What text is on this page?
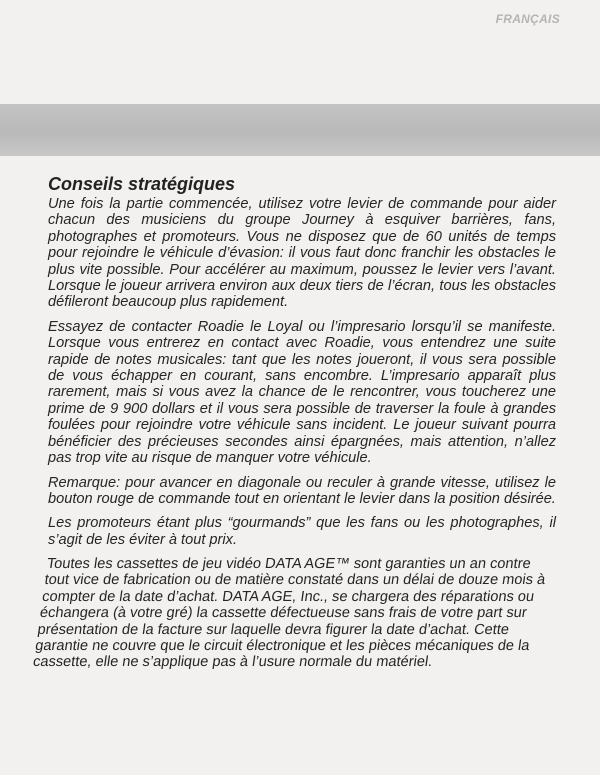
FRANÇAIS
Conseils stratégiques

Une fois la partie commencée, utilisez votre levier de commande pour aider chacun des musiciens du groupe Journey à esquiver barrières, fans, photographes et promoteurs. Vous ne disposez que de 60 unités de temps pour rejoindre le véhicule d’évasion: il vous faut donc franchir les obstacles le plus vite possible. Pour accélérer au maximum, poussez le levier vers l’avant. Lorsque le joueur arrivera environ aux deux tiers de l’écran, tous les obstacles défileront beaucoup plus rapidement.

Essayez de contacter Roadie le Loyal ou l’impresario lorsqu’il se manifeste. Lorsque vous entrerez en contact avec Roadie, vous entendrez une suite rapide de notes musicales: tant que les notes joueront, il vous sera possible de vous échapper en courant, sans encombre. L’impresario apparaît plus rarement, mais si vous avez la chance de le rencontrer, vous toucherez une prime de 9 900 dollars et il vous sera possible de traverser la foule à grandes foulées pour rejoindre votre véhicule sans incident. Le joueur suivant pourra bénéficier des précieuses secondes ainsi épargnées, mais attention, n’allez pas trop vite au risque de manquer votre véhicule.

Remarque: pour avancer en diagonale ou reculer à grande vitesse, utilisez le bouton rouge de commande tout en orientant le levier dans la position désirée.

Les promoteurs étant plus “gourmands” que les fans ou les photographes, il s’agit de les éviter à tout prix.

Toutes les cassettes de jeu vidéo DATA AGE™ sont garanties un an contre tout vice de fabrication ou de matière constaté dans un délai de douze mois à compter de la date d’achat. DATA AGE, Inc., se chargera des réparations ou échangera (à votre gré) la cassette défectueuse sans frais de votre part sur présentation de la facture sur laquelle devra figurer la date d’achat. Cette garantie ne couvre que le circuit électronique et les pièces mécaniques de la cassette, elle ne s’applique pas à l’usure normale du matériel.
